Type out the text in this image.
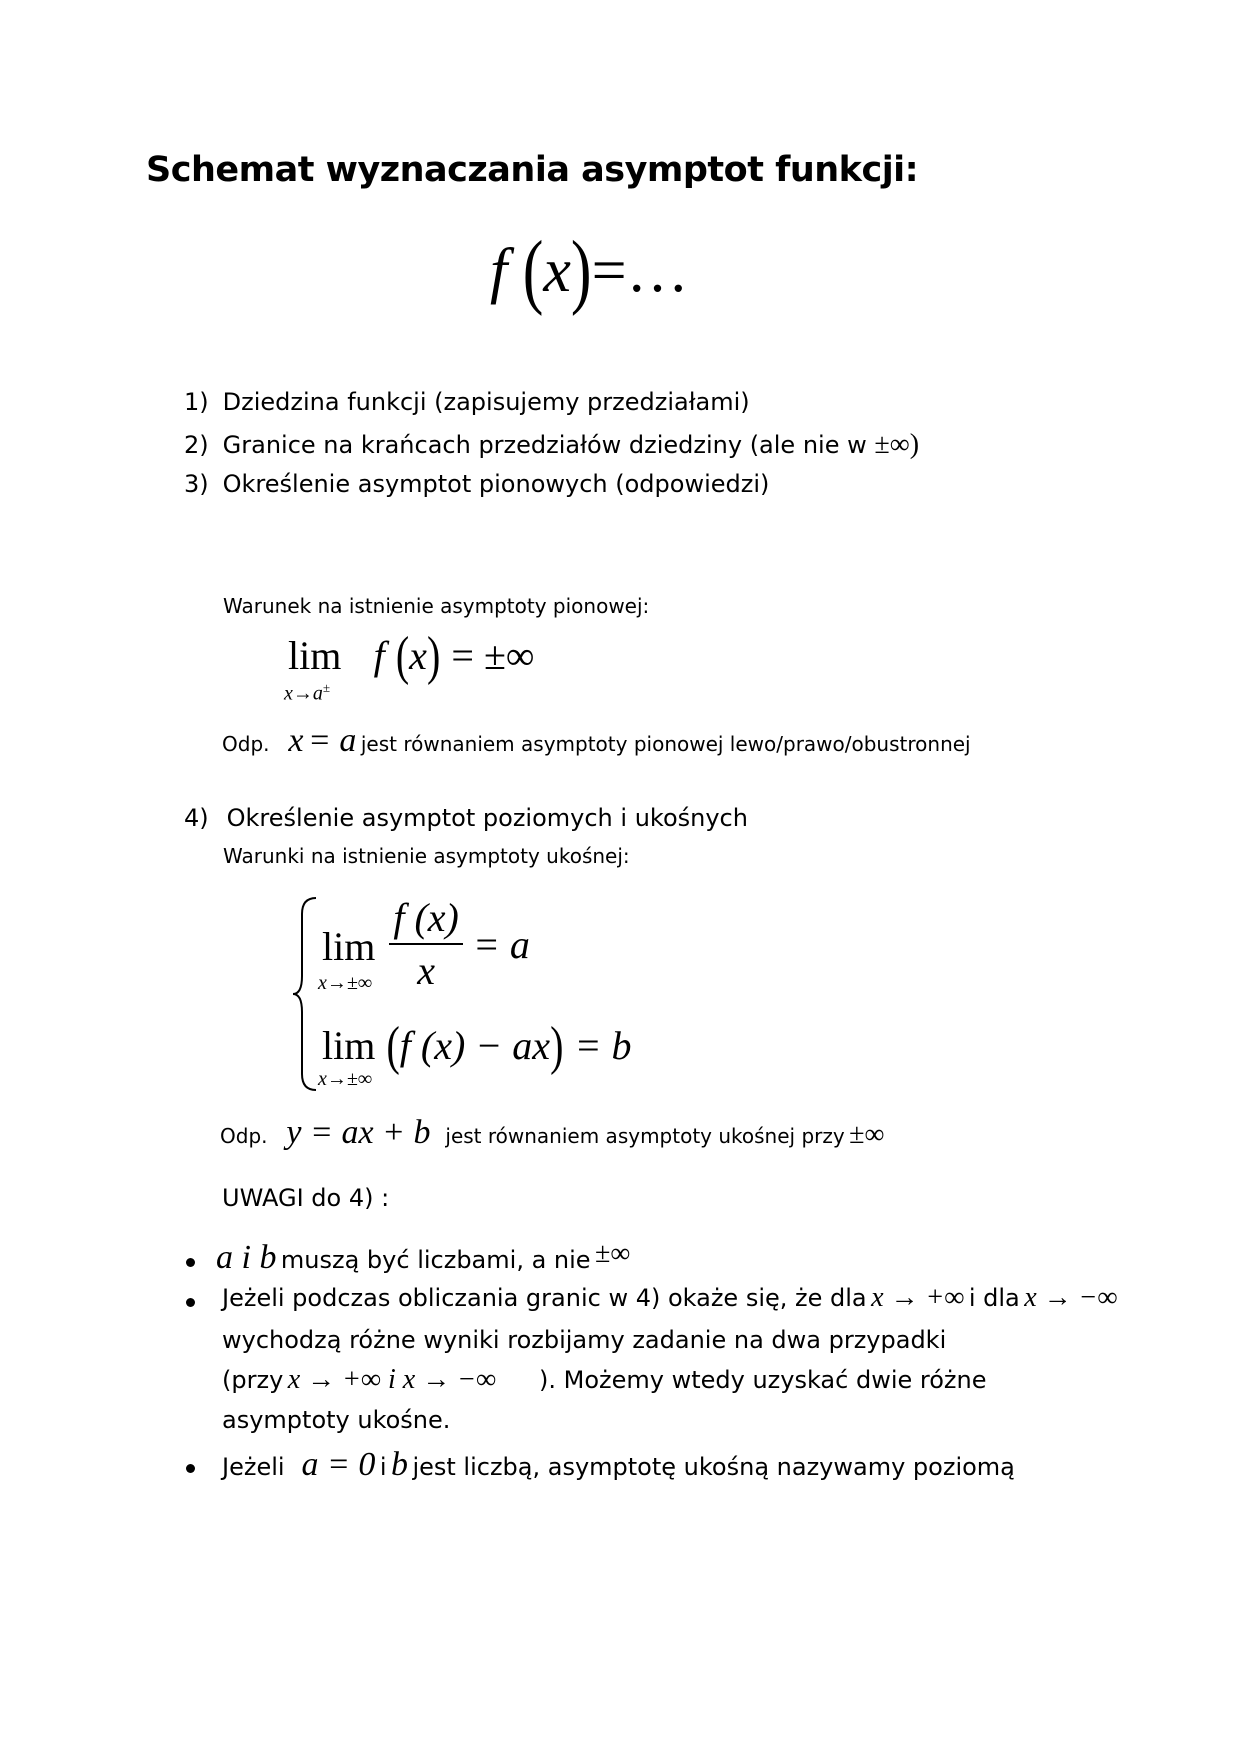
Schemat wyznaczania asymptot funkcji:
f (x)=…
1) Dziedzina funkcji (zapisujemy przedziałami)
2) Granice na krańcach przedziałów dziedziny (ale nie w ±∞)
3) Określenie asymptot pionowych (odpowiedzi)
Warunek na istnienie asymptoty pionowej:
lim f (x) = ±∞
x→a±
Odp. x = a jest równaniem asymptoty pionowej lewo/prawo/obustronnej
4) Określenie asymptot poziomych i ukośnych
Warunki na istnienie asymptoty ukośnej:
$\lim \frac{f (x)}{x} = a$
x→±∞
lim (f (x) − ax) = b
x→±∞
Odp. y = ax + b jest równaniem asymptoty ukośnej przy ±∞
UWAGI do 4) :
a i b muszą być liczbami, a nie ±∞
Jeżeli podczas obliczania granic w 4) okaże się, że dla x → +∞ i dla x → −∞
wychodzą różne wyniki rozbijamy zadanie na dwa przypadki
(przy x → +∞ i x → −∞ ). Możemy wtedy uzyskać dwie różne
asymptoty ukośne.
Jeżeli a = 0 i b jest liczbą, asymptotę ukośną nazywamy poziomą
